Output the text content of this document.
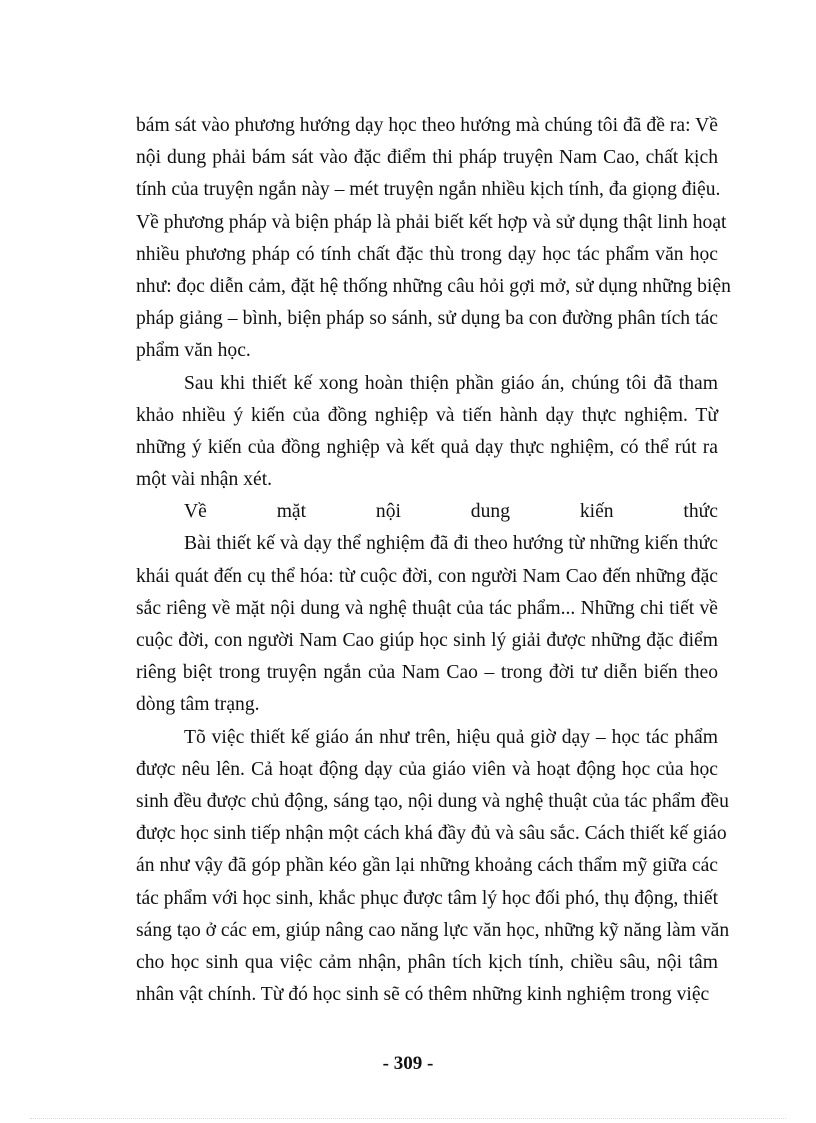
bám sát vào phương hướng dạy học theo hướng mà chúng tôi đã đề ra: Về
nội dung phải bám sát vào đặc điểm thi pháp truyện Nam Cao, chất kịch
tính của truyện ngắn này – mét truyện ngắn nhiều kịch tính, đa giọng điệu.
Về phương pháp và biện pháp là phải biết kết hợp và sử dụng thật linh hoạt
nhiều phương pháp có tính chất đặc thù trong dạy học tác phẩm văn học
như: đọc diễn cảm, đặt hệ thống những câu hỏi gợi mở, sử dụng những biện
pháp giảng – bình, biện pháp so sánh, sử dụng ba con đường phân tích tác
phẩm văn học.
Sau khi thiết kế xong hoàn thiện phần giáo án, chúng tôi đã tham
khảo nhiều ý kiến của đồng nghiệp và tiến hành dạy thực nghiệm. Từ
những ý kiến của đồng nghiệp và kết quả dạy thực nghiệm, có thể rút ra
một vài nhận xét.
Về mặt nội dung kiến thức
Bài thiết kế và dạy thể nghiệm đã đi theo hướng từ những kiến thức
khái quát đến cụ thể hóa: từ cuộc đời, con người Nam Cao đến những đặc
sắc riêng về mặt nội dung và nghệ thuật của tác phẩm... Những chi tiết về
cuộc đời, con người Nam Cao giúp học sinh lý giải được những đặc điểm
riêng biệt trong truyện ngắn của Nam Cao – trong đời tư diễn biến theo
dòng tâm trạng.
Tõ việc thiết kế giáo án như trên, hiệu quả giờ dạy – học tác phẩm
được nêu lên. Cả hoạt động dạy của giáo viên và hoạt động học của học
sinh đều được chủ động, sáng tạo, nội dung và nghệ thuật của tác phẩm đều
được học sinh tiếp nhận một cách khá đầy đủ và sâu sắc. Cách thiết kế giáo
án như vậy đã góp phần kéo gần lại những khoảng cách thẩm mỹ giữa các
tác phẩm với học sinh, khắc phục được tâm lý học đối phó, thụ động, thiết
sáng tạo ở các em, giúp nâng cao năng lực văn học, những kỹ năng làm văn
cho học sinh qua việc cảm nhận, phân tích kịch tính, chiều sâu, nội tâm
nhân vật chính. Từ đó học sinh sẽ có thêm những kinh nghiệm trong việc
- 309 -
